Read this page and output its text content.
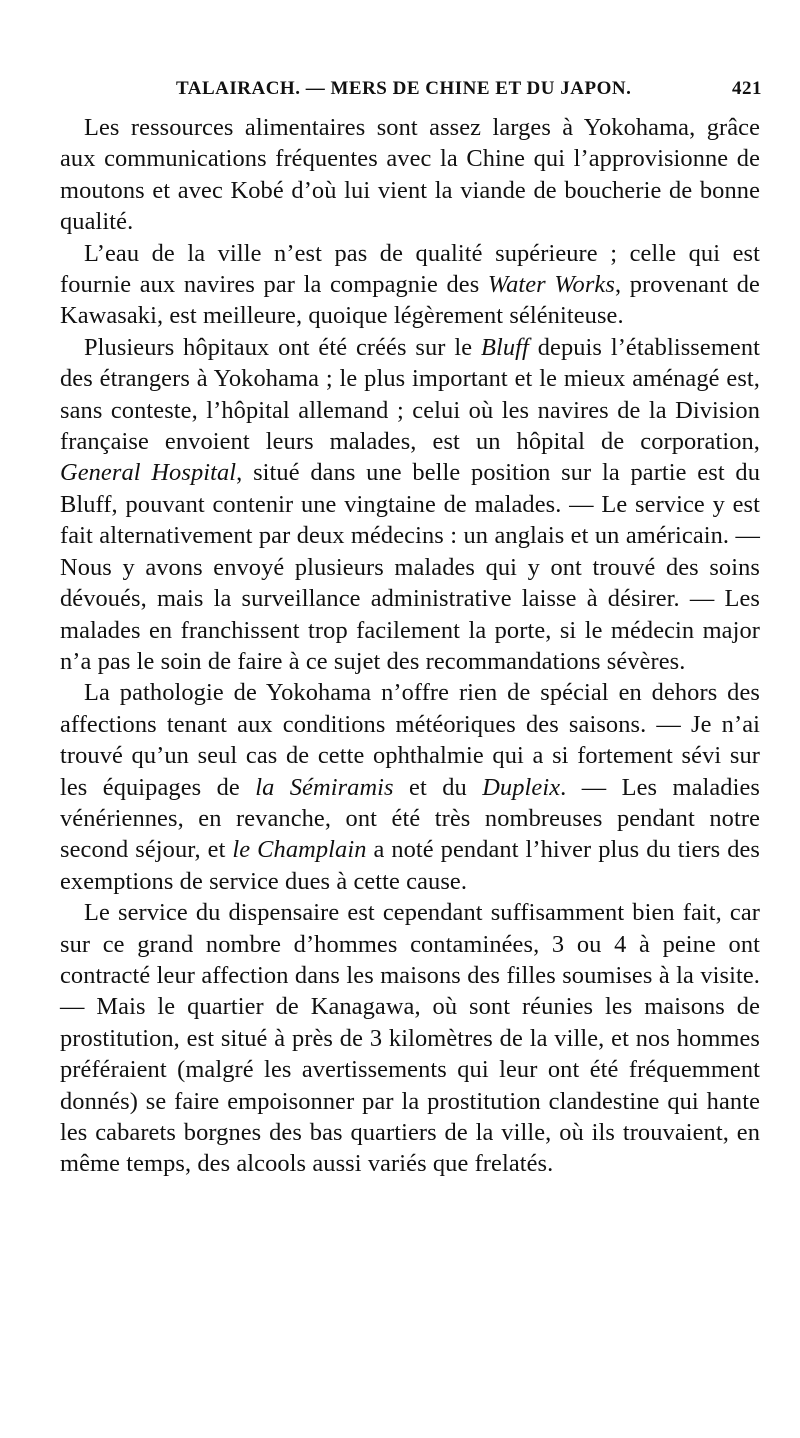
TALAIRACH. — MERS DE CHINE ET DU JAPON.	421

Les ressources alimentaires sont assez larges à Yokohama, grâce aux communications fréquentes avec la Chine qui l’approvisionne de moutons et avec Kobé d’où lui vient la viande de boucherie de bonne qualité.

L’eau de la ville n’est pas de qualité supérieure ; celle qui est fournie aux navires par la compagnie des Water Works, provenant de Kawasaki, est meilleure, quoique légèrement séléniteuse.

Plusieurs hôpitaux ont été créés sur le Bluff depuis l’établissement des étrangers à Yokohama ; le plus important et le mieux aménagé est, sans conteste, l’hôpital allemand ; celui où les navires de la Division française envoient leurs malades, est un hôpital de corporation, General Hospital, situé dans une belle position sur la partie est du Bluff, pouvant contenir une vingtaine de malades. — Le service y est fait alternativement par deux médecins : un anglais et un américain. — Nous y avons envoyé plusieurs malades qui y ont trouvé des soins dévoués, mais la surveillance administrative laisse à désirer. — Les malades en franchissent trop facilement la porte, si le médecin major n’a pas le soin de faire à ce sujet des recommandations sévères.

La pathologie de Yokohama n’offre rien de spécial en dehors des affections tenant aux conditions météoriques des saisons. — Je n’ai trouvé qu’un seul cas de cette ophthalmie qui a si fortement sévi sur les équipages de la Sémiramis et du Dupleix. — Les maladies vénériennes, en revanche, ont été très nombreuses pendant notre second séjour, et le Champlain a noté pendant l’hiver plus du tiers des exemptions de service dues à cette cause.

Le service du dispensaire est cependant suffisamment bien fait, car sur ce grand nombre d’hommes contaminées, 3 ou 4 à peine ont contracté leur affection dans les maisons des filles soumises à la visite. — Mais le quartier de Kanagawa, où sont réunies les maisons de prostitution, est situé à près de 3 kilomètres de la ville, et nos hommes préféraient (malgré les avertissements qui leur ont été fréquemment donnés) se faire empoisonner par la prostitution clandestine qui hante les cabarets borgnes des bas quartiers de la ville, où ils trouvaient, en même temps, des alcools aussi variés que frelatés.
